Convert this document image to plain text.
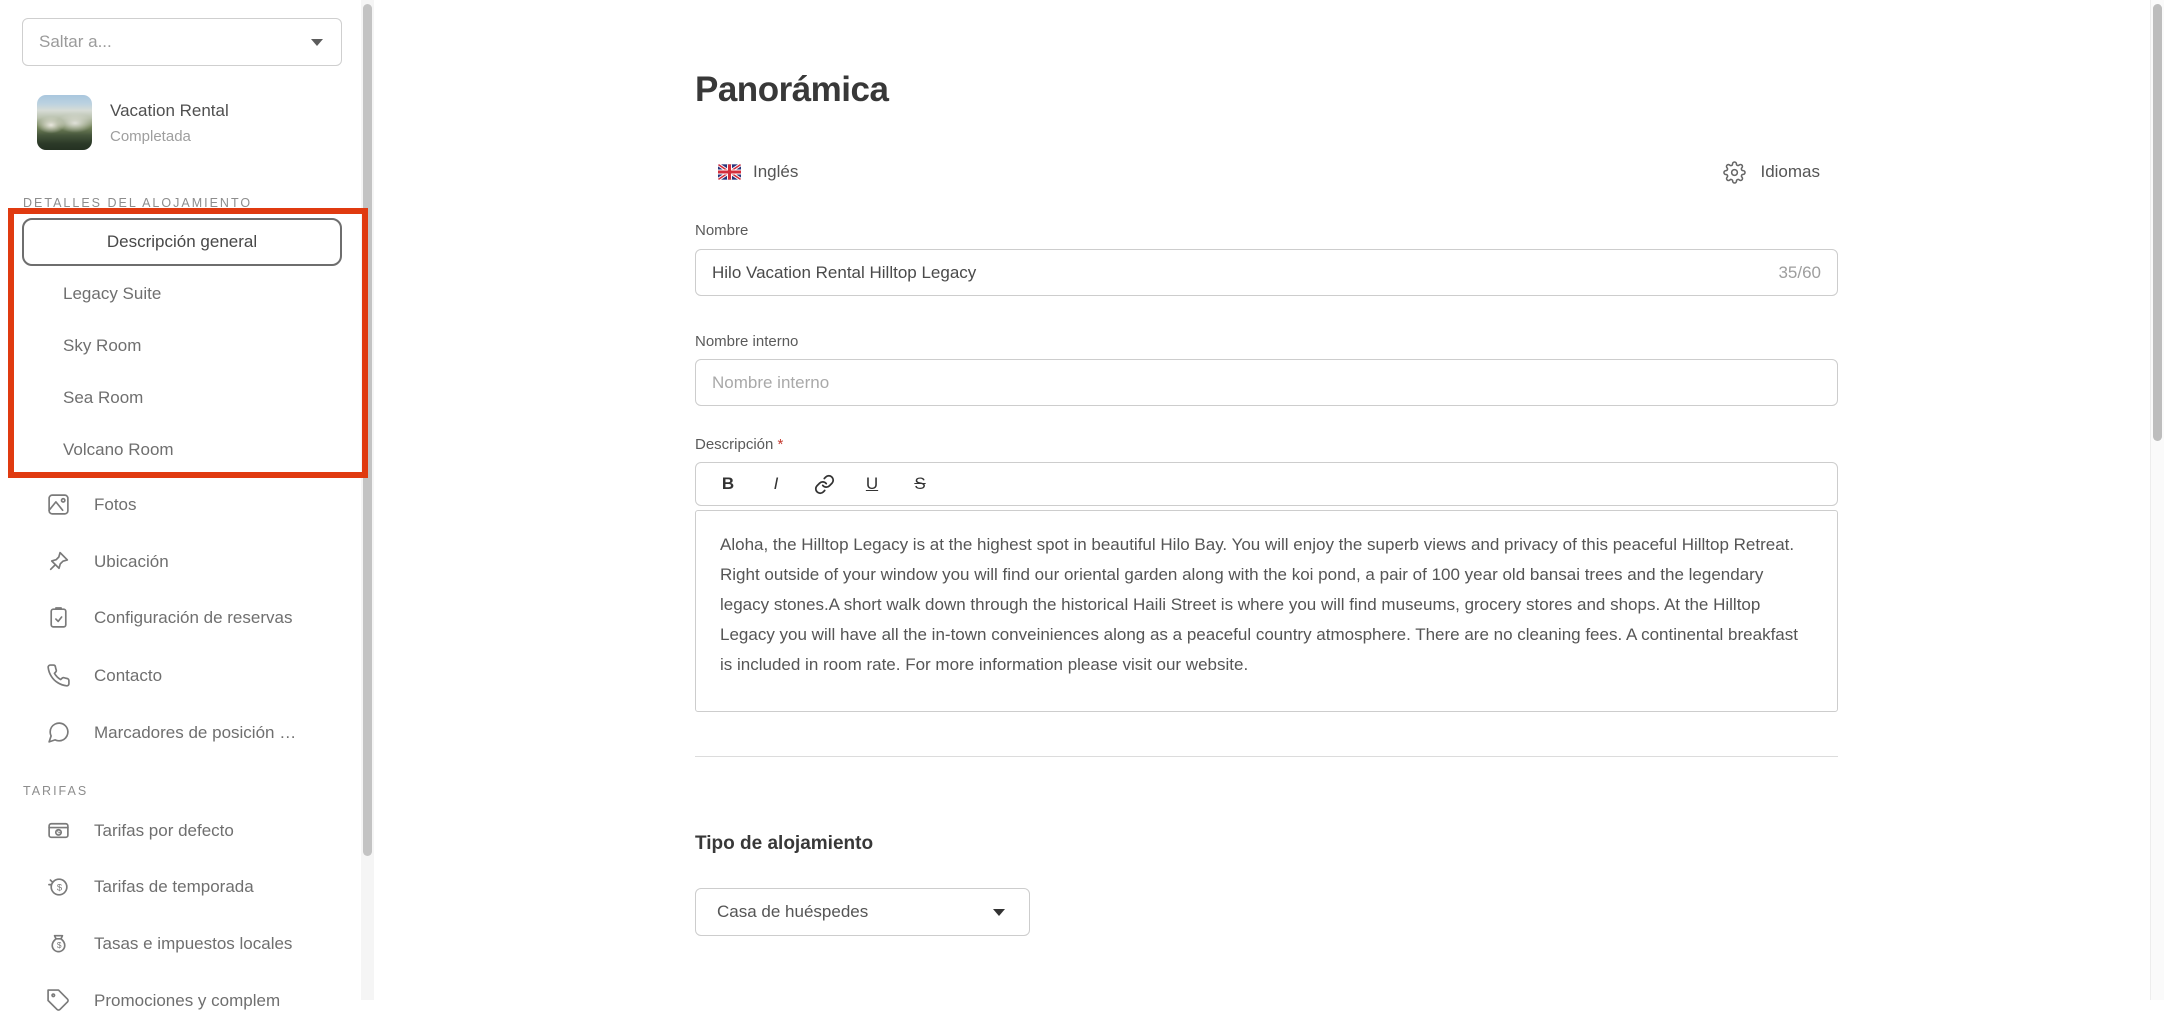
Saltar a...
Vacation Rental
Completada
DETALLES DEL ALOJAMIENTO
Descripción general
Legacy Suite
Sky Room
Sea Room
Volcano Room
Fotos
Ubicación
Configuración de reservas
Contacto
Marcadores de posición …
TARIFAS
$ Tarifas por defecto
$ Tarifas de temporada
$ Tasas e impuestos locales
Promociones y complem
Panorámica
Inglés	Idiomas
Nombre
Hilo Vacation Rental Hilltop Legacy
35/60
Nombre interno
Nombre interno
Descripción *
B	I	U	S
Aloha, the Hilltop Legacy is at the highest spot in beautiful Hilo Bay. You will enjoy the superb views and privacy of this peaceful Hilltop Retreat. Right outside of your window you will find our oriental garden along with the koi pond, a pair of 100 year old bansai trees and the legendary legacy stones.A short walk down through the historical Haili Street is where you will find museums, grocery stores and shops. At the Hilltop Legacy you will have all the in-town conveiniences along as a peaceful country atmosphere. There are no cleaning fees. A continental breakfast is included in room rate. For more information please visit our website.
Tipo de alojamiento
Casa de huéspedes
